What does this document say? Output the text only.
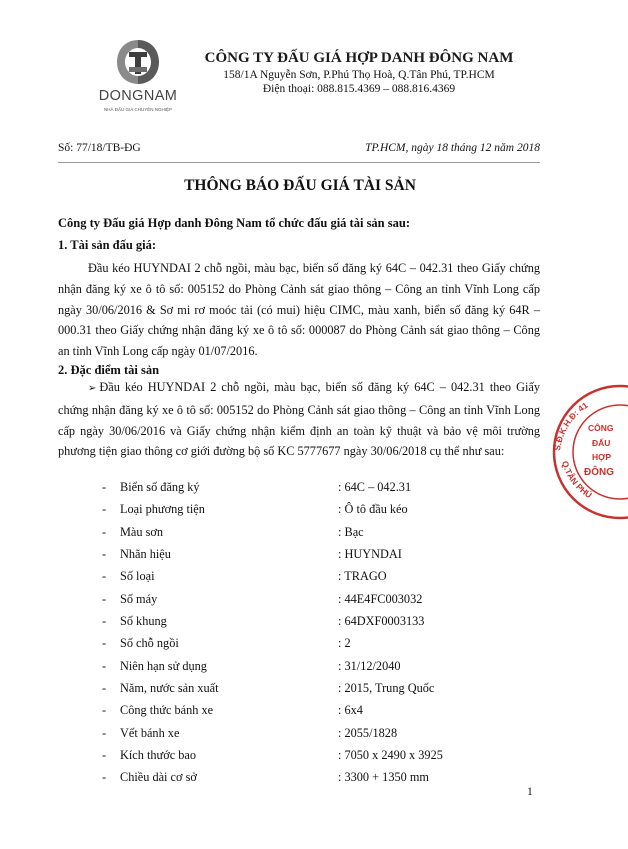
DONGNAM
NHÀ ĐẤU GIÁ CHUYÊN NGHIỆP
CÔNG TY ĐẤU GIÁ HỢP DANH ĐÔNG NAM
158/1A Nguyễn Sơn, P.Phú Thọ Hoà, Q.Tân Phú, TP.HCM
Điện thoại: 088.815.4369 – 088.816.4369
Số: 77/18/TB-ĐG	TP.HCM, ngày 18 tháng 12 năm 2018
THÔNG BÁO ĐẤU GIÁ TÀI SẢN
Công ty Đấu giá Hợp danh Đông Nam tổ chức đấu giá tài sản sau:
1. Tài sản đấu giá:
Đầu kéo HUYNDAI 2 chỗ ngồi, màu bạc, biển số đăng ký 64C – 042.31 theo Giấy chứng nhận đăng ký xe ô tô số: 005152 do Phòng Cảnh sát giao thông – Công an tỉnh Vĩnh Long cấp ngày 30/06/2016 & Sơ mi rơ moóc tải (có mui) hiệu CIMC, màu xanh, biển số đăng ký 64R – 000.31 theo Giấy chứng nhận đăng ký xe ô tô số: 000087 do Phòng Cảnh sát giao thông – Công an tỉnh Vĩnh Long cấp ngày 01/07/2016.
2. Đặc điểm tài sản
➢ Đầu kéo HUYNDAI 2 chỗ ngồi, màu bạc, biển số đăng ký 64C – 042.31 theo Giấy chứng nhận đăng ký xe ô tô số: 005152 do Phòng Cảnh sát giao thông – Công an tỉnh Vĩnh Long cấp ngày 30/06/2016 và Giấy chứng nhận kiểm định an toàn kỹ thuật và bảo vệ môi trường phương tiện giao thông cơ giới đường bộ số KC 5777677 ngày 30/06/2018 cụ thể như sau:
- Biển số đăng ký	: 64C – 042.31
- Loại phương tiện	: Ô tô đầu kéo
- Màu sơn	: Bạc
- Nhãn hiệu	: HUYNDAI
- Số loại	: TRAGO
- Số máy	: 44E4FC003032
- Số khung	: 64DXF0003133
- Số chỗ ngồi	: 2
- Niên hạn sử dụng	: 31/12/2040
- Năm, nước sản xuất	: 2015, Trung Quốc
- Công thức bánh xe	: 6x4
- Vết bánh xe	: 2055/1828
- Kích thước bao	: 7050 x 2490 x 3925
- Chiều dài cơ sở	: 3300 + 1350 mm
1
S.Đ.K.H.Đ: 41
Q.TÂN PHÚ
CÔNG
ĐẤU
HỢP
ĐÔNG
